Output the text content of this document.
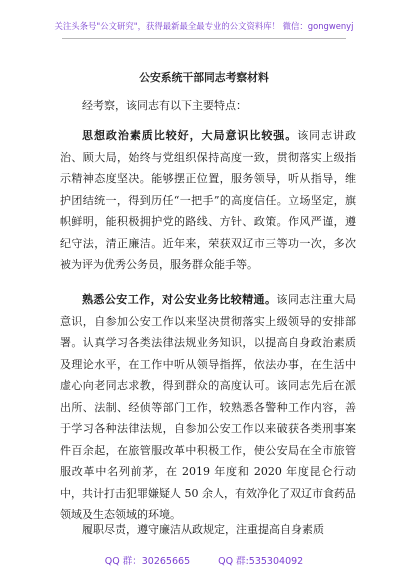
关注头条号"公文研究"，获得最新最全最专业的公文资料库！ 微信：gongwenyj
公安系统干部同志考察材料

经考察，该同志有以下主要特点：

思想政治素质比较好，大局意识比较强。该同志讲政治、顾大局，始终与党组织保持高度一致，贯彻落实上级指示精神态度坚决。能够摆正位置，服务领导，听从指导，维护团结统一，得到历任“一把手”的高度信任。立场坚定，旗帜鲜明，能积极拥护党的路线、方针、政策。作风严谨，遵纪守法，清正廉洁。近年来，荣获双辽市三等功一次，多次被为评为优秀公务员，服务群众能手等。

熟悉公安工作，对公安业务比较精通。该同志注重大局意识，自参加公安工作以来坚决贯彻落实上级领导的安排部署。认真学习各类法律法规业务知识，以提高自身政治素质及理论水平，在工作中听从领导指挥，依法办事，在生活中虚心向老同志求教，得到群众的高度认可。该同志先后在派出所、法制、经侦等部门工作，较熟悉各警种工作内容，善于学习各种法律法规，自参加公安工作以来破获各类刑事案件百余起，在旅管服改革中积极工作，使公安局在全市旅管服改革中名列前茅，在 2019 年度和 2020 年度昆仑行动中，共计打击犯罪嫌疑人 50 余人，有效净化了双辽市食药品领域及生态领域的环境。

履职尽责，遵守廉洁从政规定，注重提高自身素质

QQ 群：30265665	QQ 群:535304092
